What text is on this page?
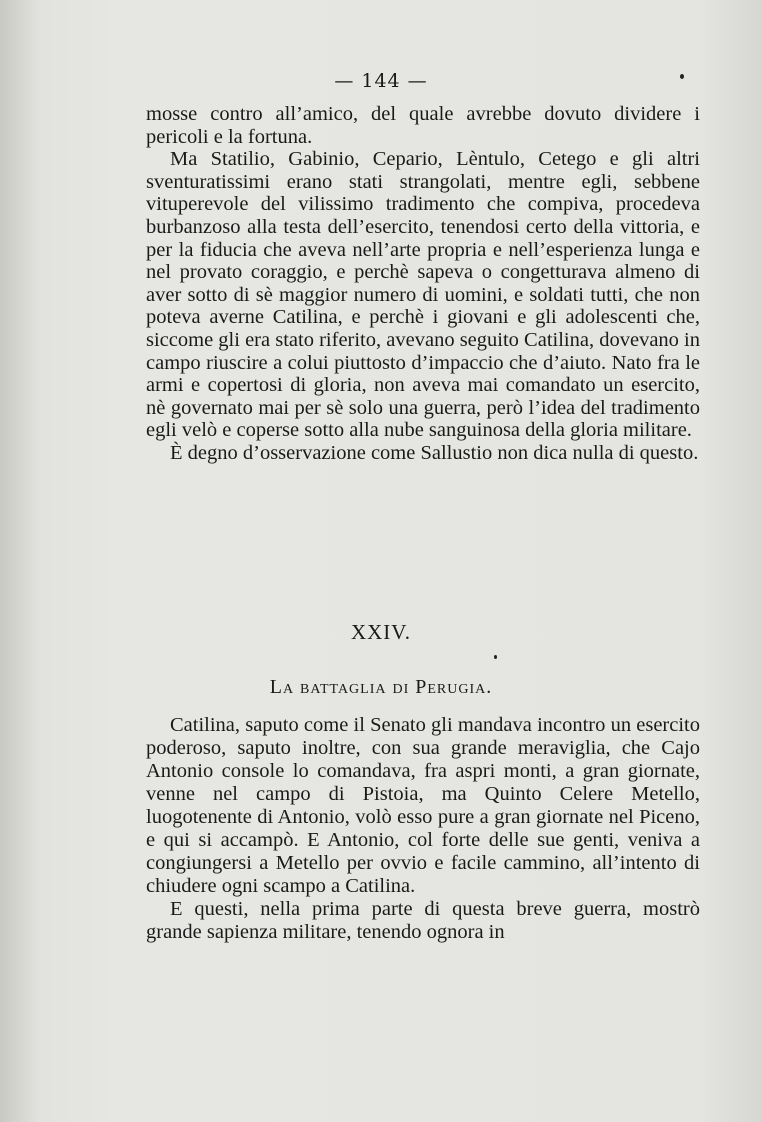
— 144 —

mosse contro all’amico, del quale avrebbe dovuto dividere i pericoli e la fortuna.

Ma Statilio, Gabinio, Cepario, Lèntulo, Cetego e gli altri sventuratissimi erano stati strangolati, mentre egli, sebbene vituperevole del vilissimo tradimento che compiva, procedeva burbanzoso alla testa dell’esercito, tenendosi certo della vittoria, e per la fiducia che aveva nell’arte propria e nell’esperienza lunga e nel provato coraggio, e perchè sapeva o congetturava almeno di aver sotto di sè maggior numero di uomini, e soldati tutti, che non poteva averne Catilina, e perchè i giovani e gli adolescenti che, siccome gli era stato riferito, avevano seguito Catilina, dovevano in campo riuscire a colui piuttosto d’impaccio che d’aiuto. Nato fra le armi e copertosi di gloria, non aveva mai comandato un esercito, nè governato mai per sè solo una guerra, però l’idea del tradimento egli velò e coperse sotto alla nube sanguinosa della gloria militare.

È degno d’osservazione come Sallustio non dica nulla di questo.

XXIV.
La battaglia di Perugia.

Catilina, saputo come il Senato gli mandava incontro un esercito poderoso, saputo inoltre, con sua grande meraviglia, che Cajo Antonio console lo comandava, fra aspri monti, a gran giornate, venne nel campo di Pistoia, ma Quinto Celere Metello, luogotenente di Antonio, volò esso pure a gran giornate nel Piceno, e qui si accampò. E Antonio, col forte delle sue genti, veniva a congiungersi a Metello per ovvio e facile cammino, all’intento di chiudere ogni scampo a Catilina.

E questi, nella prima parte di questa breve guerra, mostrò grande sapienza militare, tenendo ognora in
